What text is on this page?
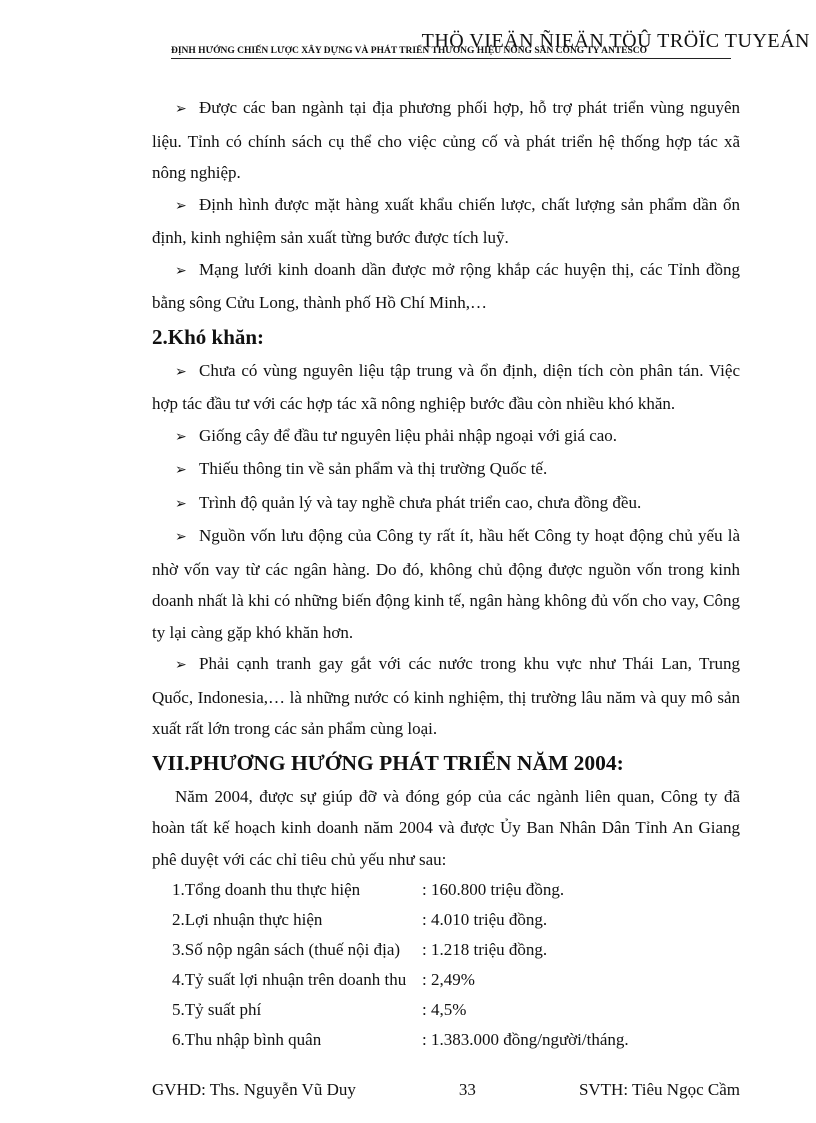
THÖ VIEÄN ÑIEÄN TÖÛ TRÖÏC TUYEÁN
ĐỊNH HƯỚNG CHIẾN LƯỢC XÂY DỰNG VÀ PHÁT TRIỂN THƯƠNG HIỆU NÔNG SẢN CÔNG TY ANTESCO

➢ Được các ban ngành tại địa phương phối hợp, hỗ trợ phát triển vùng nguyên liệu. Tỉnh có chính sách cụ thể cho việc củng cố và phát triển hệ thống hợp tác xã nông nghiệp.

➢ Định hình được mặt hàng xuất khẩu chiến lược, chất lượng sản phẩm dần ổn định, kinh nghiệm sản xuất từng bước được tích luỹ.

➢ Mạng lưới kinh doanh dần được mở rộng khắp các huyện thị, các Tỉnh đồng bằng sông Cửu Long, thành phố Hồ Chí Minh,…

2.Khó khăn:

➢ Chưa có vùng nguyên liệu tập trung và ổn định, diện tích còn phân tán. Việc hợp tác đầu tư với các hợp tác xã nông nghiệp bước đầu còn nhiều khó khăn.

➢ Giống cây để đầu tư nguyên liệu phải nhập ngoại với giá cao.

➢ Thiếu thông tin về sản phẩm và thị trường Quốc tế.

➢ Trình độ quản lý và tay nghề chưa phát triển cao, chưa đồng đều.

➢ Nguồn vốn lưu động của Công ty rất ít, hầu hết Công ty hoạt động chủ yếu là nhờ vốn vay từ các ngân hàng. Do đó, không chủ động được nguồn vốn trong kinh doanh nhất là khi có những biến động kinh tế, ngân hàng không đủ vốn cho vay, Công ty lại càng gặp khó khăn hơn.

➢ Phải cạnh tranh gay gắt với các nước trong khu vực như Thái Lan, Trung Quốc, Indonesia,… là những nước có kinh nghiệm, thị trường lâu năm và quy mô sản xuất rất lớn trong các sản phẩm cùng loại.

VII.PHƯƠNG HƯỚNG PHÁT TRIỂN NĂM 2004:

Năm 2004, được sự giúp đỡ và đóng góp của các ngành liên quan, Công ty đã hoàn tất kế hoạch kinh doanh năm 2004 và được Ủy Ban Nhân Dân Tỉnh An Giang phê duyệt với các chỉ tiêu chủ yếu như sau:

1.Tổng doanh thu thực hiện	: 160.800 triệu đồng.
2.Lợi nhuận thực hiện	: 4.010 triệu đồng.
3.Số nộp ngân sách (thuế nội địa)	: 1.218 triệu đồng.
4.Tỷ suất lợi nhuận trên doanh thu	: 2,49%
5.Tỷ suất phí	: 4,5%
6.Thu nhập bình quân	: 1.383.000 đồng/người/tháng.
GVHD: Ths. Nguyễn Vũ Duy	33	SVTH: Tiêu Ngọc Cầm
